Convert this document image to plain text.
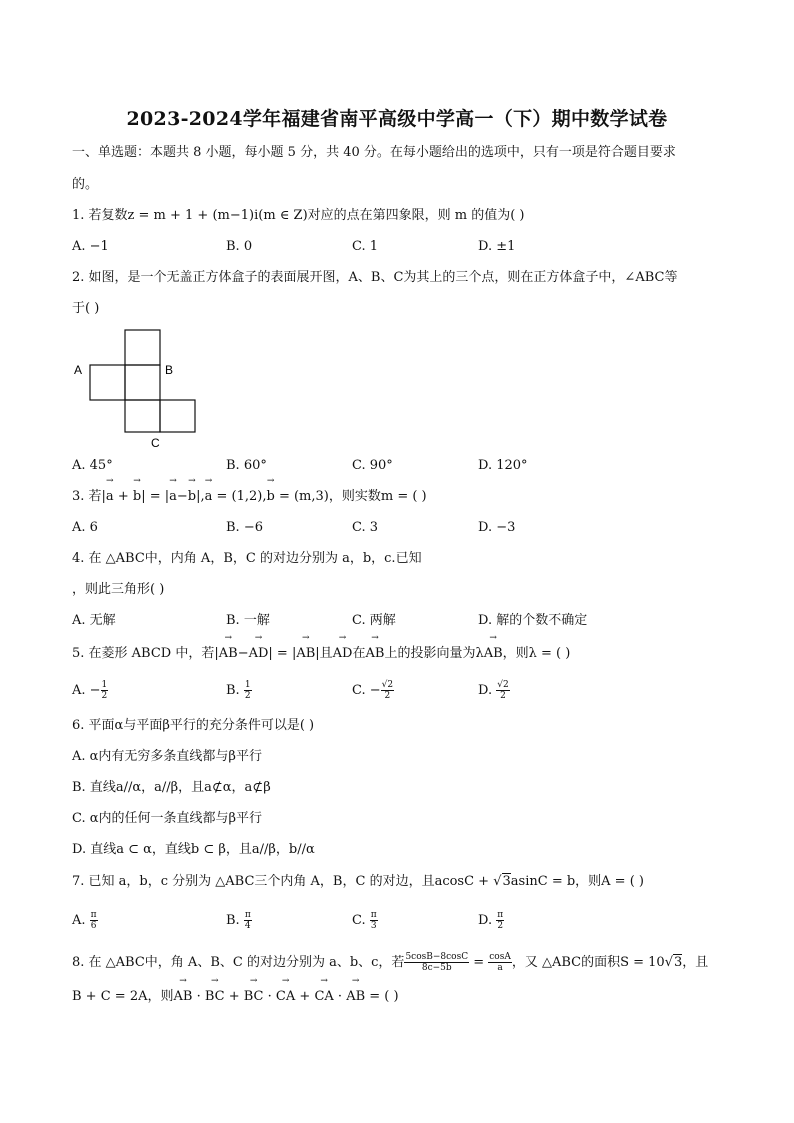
2023-2024学年福建省南平高级中学高一（下）期中数学试卷
一、单选题：本题共 8 小题，每小题 5 分，共 40 分。在每小题给出的选项中，只有一项是符合题目要求
的。
1. 若复数z = m + 1 + (m−1)i(m ∈ Z)对应的点在第四象限，则 m 的值为( )
A. −1	B. 0	C. 1	D. ±1
2. 如图，是一个无盖正方体盒子的表面展开图，A、B、C为其上的三个点，则在正方体盒子中，∠ABC等
于( )
A	B
C
A. 45°	B. 60°	C. 90°	D. 120°
3. 若|→ a + → b| = |→ a−→ b|,→ a = (1,2),→ b = (m,3)，则实数m = ( )
A. 6	B. −6	C. 3	D. −3
4. 在 △ABC中，内角 A，B，C 的对边分别为 a，b，c.已知
，则此三角形( )
A. 无解	B. 一解	C. 两解	D. 解的个数不确定
5. 在菱形 ABCD 中，若|→ AB−→ AD| = |→ AB|且→ AD在→ AB上的投影向量为λ→ AB，则λ = ( )
A. − $\frac{1}{2}$	B. $\frac{1}{2}$	C. − $\frac{√2}{2}$	D. $\frac{√2}{2}$
6. 平面α与平面β平行的充分条件可以是( )
A. α内有无穷多条直线都与β平行
B. 直线a//α，a//β，且a⊄α，a⊄β
C. α内的任何一条直线都与β平行
D. 直线a ⊂ α，直线b ⊂ β，且a//β，b//α
7. 已知 a，b，c 分别为 △ABC三个内角 A，B，C 的对边，且acosC + √3asinC = b，则A = ( )
A. $\frac{\pi}{6}$	B. $\frac{\pi}{4}$	C. $\frac{\pi}{3}$	D. $\frac{\pi}{2}$
8. 在 △ABC中，角 A、B、C 的对边分别为 a、b、c，若 $\frac{5\cos B-8\cos C}{8c-5b} = \frac{\cos A}{a}$ ，又 △ABC的面积S = 10√3，且
B + C = 2A，则→ AB · → BC + → BC · → CA + → CA · → AB = ( )
